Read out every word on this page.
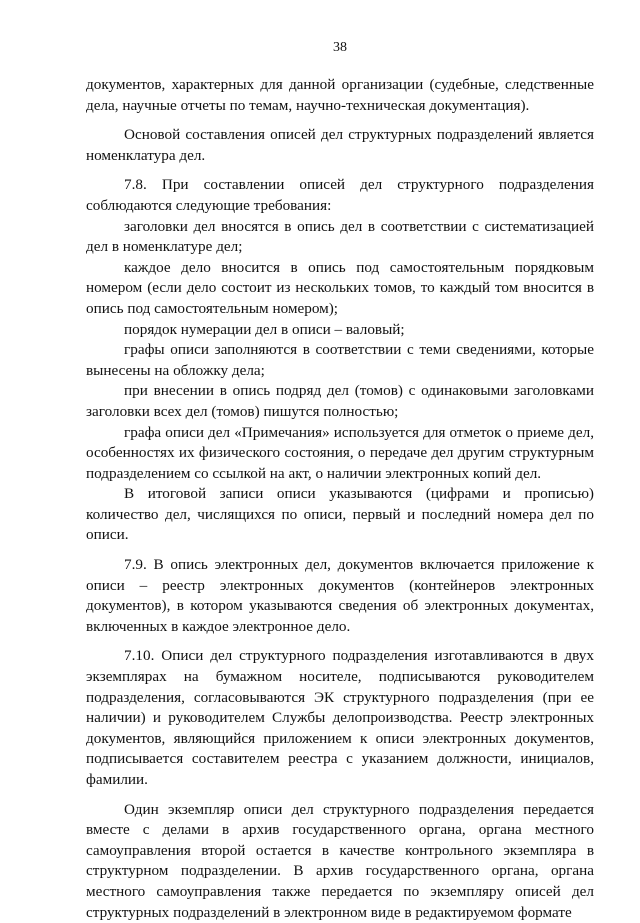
38

документов, характерных для данной организации (судебные, следственные дела, научные отчеты по темам, научно-техническая документация).

Основой составления описей дел структурных подразделений является номенклатура дел.

7.8. При составлении описей дел структурного подразделения соблюдаются следующие требования:

заголовки дел вносятся в опись дел в соответствии с систематизацией дел в номенклатуре дел;

каждое дело вносится в опись под самостоятельным порядковым номером (если дело состоит из нескольких томов, то каждый том вносится в опись под самостоятельным номером);

порядок нумерации дел в описи – валовый;

графы описи заполняются в соответствии с теми сведениями, которые вынесены на обложку дела;

при внесении в опись подряд дел (томов) с одинаковыми заголовками заголовки всех дел (томов) пишутся полностью;

графа описи дел «Примечания» используется для отметок о приеме дел, особенностях их физического состояния, о передаче дел другим структурным подразделением со ссылкой на акт, о наличии электронных копий дел.

В итоговой записи описи указываются (цифрами и прописью) количество дел, числящихся по описи, первый и последний номера дел по описи.

7.9. В опись электронных дел, документов включается приложение к описи – реестр электронных документов (контейнеров электронных документов), в котором указываются сведения об электронных документах, включенных в каждое электронное дело.

7.10. Описи дел структурного подразделения изготавливаются в двух экземплярах на бумажном носителе, подписываются руководителем подразделения, согласовываются ЭК структурного подразделения (при ее наличии) и руководителем Службы делопроизводства. Реестр электронных документов, являющийся приложением к описи электронных документов, подписывается составителем реестра с указанием должности, инициалов, фамилии.

Один экземпляр описи дел структурного подразделения передается вместе с делами в архив государственного органа, органа местного самоуправления второй остается в качестве контрольного экземпляра в структурном подразделении. В архив государственного органа, органа местного самоуправления также передается по экземпляру описей дел структурных подразделений в электронном виде в редактируемом формате
